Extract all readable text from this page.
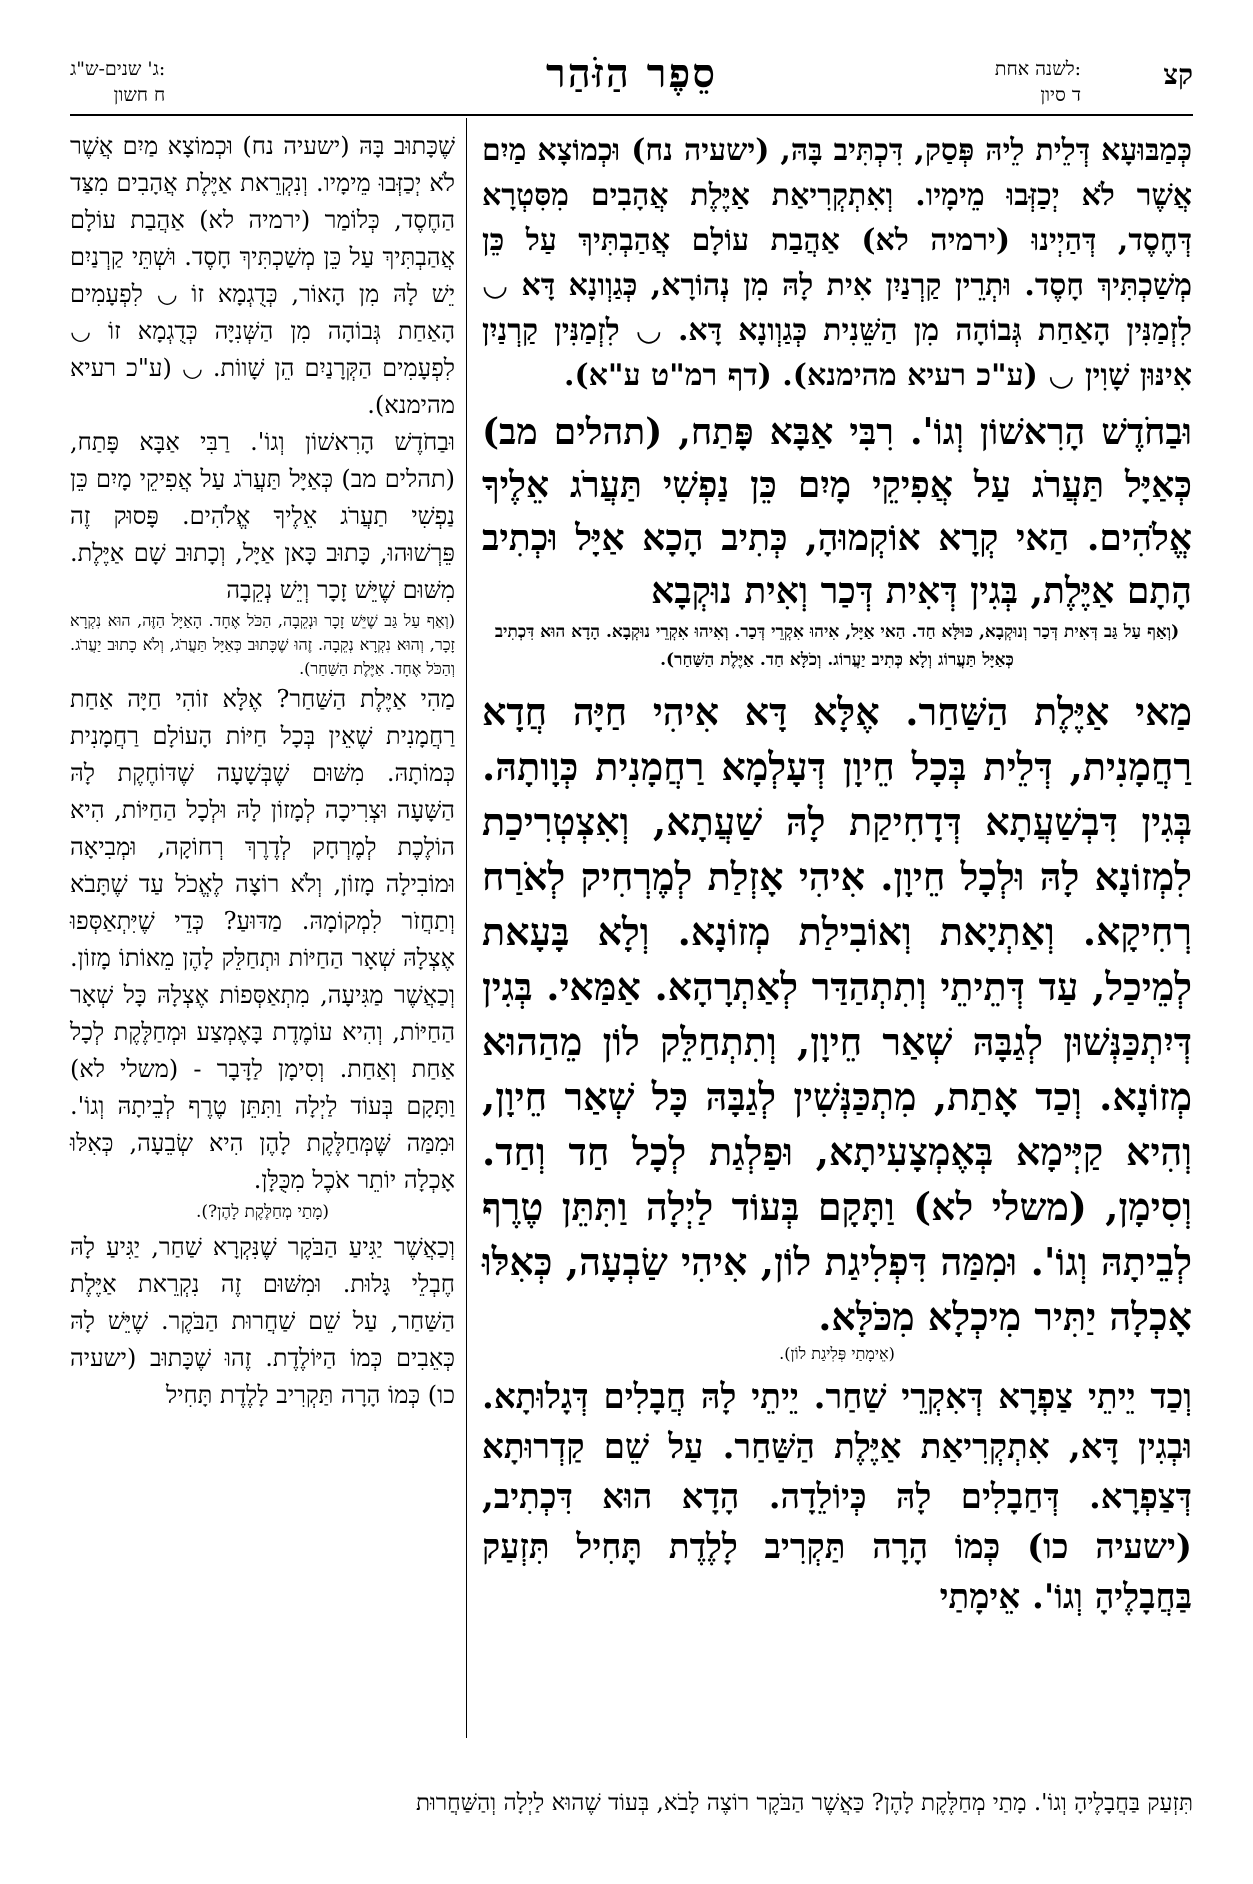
קצ
לשנה אחת:
ד סיון
סֵפֶר הַזֹּהַר
ג' שנים-ש"ג:
ח חשון

כְּמַבּוּעָא דְּלֵית לֵיהּ פְּסַק, דִּכְתִּיב בָּהּ, (ישעיה נח) וּכְמוֹצָא מַיִם אֲשֶׁר לֹא יְכַזְּבוּ מֵימָיו. וְאִתְקְרִיאַת אַיֶּלֶת אֲהָבִים מִסִּטְרָא דְּחֶסֶד, דְּהַיְינוּ (ירמיה לא) אַהֲבַת עוֹלָם אֲהַבְתִּיךְ עַל כֵּן מְשַׁכְתִּיךְ חָסֶד. וּתְרֵין קַרְנַיִן אִית לָהּ מִן נְהוֹרָא, כְּגַוְונָא דָּא ◡ לִזְמַנִּין הָאַחַת גְּבוֹהָה מִן הַשֵּׁנִית כְּגַוְונָא דָּא. ◡ לִזְמַנִּין קַרְנַיִן אִינּוּן שָׁוִין ◡ (ע"כ רעיא מהימנא). (דף רמ"ט ע"א).

וּבַחֹדֶשׁ הָרִאשׁוֹן וְגוֹ'. רִבִּי אַבָּא פָּתַח, (תהלים מב) כְּאַיָּל תַּעֲרֹג עַל אֲפִיקֵי מָיִם כֵּן נַפְשִׁי תַּעֲרֹג אֵלֶיךָ אֱלֹהִים. הַאי קְרָא אוֹקְמוּהָ, כְּתִיב הָכָא אַיָּל וּכְתִיב הָתָם אַיֶּלֶת, בְּגִין דְּאִית דְּכַר וְאִית נוּקְבָא

(וְאַף עַל גַּב דְּאִית דְּכַר וְנוּקְבָא, כּוּלָּא חַד. הַאי אַיָּל, אִיהוּ אִקְרֵי דְּכַר. וְאִיהוּ אִקְרֵי נוּקְבָא. הָדָא הוּא דִּכְתִיב כְּאַיָּל תַּעֲרוֹג וְלָא כְּתִיב יַעֲרוֹג. וְכֹלָּא חַד. אַיֶּלֶת הַשַּׁחַר).

מַאי אַיֶּלֶת הַשַּׁחַר. אֶלָּא דָּא אִיהִי חַיָּה חֲדָא רַחֲמָנִית, דְּלֵית בְּכָל חֵיוָן דְּעָלְמָא רַחֲמָנִית כְּוָותָהּ. בְּגִין דִּבְשַׁעֲתָא דְּדָחִיקַת לָהּ שַׁעֲתָא, וְאִצְטְרִיכַת לִמְזוֹנָא לָהּ וּלְכָל חֵיוָן. אִיהִי אָזְלַת לְמֶרְחִיק לְאֹרַח רְחִיקָא. וְאַתְיָאת וְאוֹבִילַת מְזוֹנָא. וְלָא בָּעָאת לְמֵיכַל, עַד דְּתֵיתֵי וְתִתְהַדַּר לְאַתְרָהָא. אַמַּאי. בְּגִין דְּיִתְכַּנְּשׁוּן לְגַבָּהּ שְׁאַר חֵיוָן, וְתִתְחַלֵּק לוֹן מֵהַהוּא מְזוֹנָא. וְכַד אָתַת, מִתְכַּנְּשִׁין לְגַבָּהּ כָּל שְׁאַר חֵיוָן, וְהִיא קַיְּימָא בְּאֶמְצָעִיתָא, וּפַלְגַת לְכָל חַד וְחַד. וְסִימָן, (משלי לא) וַתָּקָם בְּעוֹד לַיְלָה וַתִּתֵּן טֶרֶף לְבֵיתָהּ וְגוֹ'. וּמִמַּה דִּפְלִיגַת לוֹן, אִיהִי שַׂבְעָה, כְּאִלּוּ אָכְלָה יַתִּיר מִיכְלָא מִכֹּלָּא.

(אֵימָתַי פְּלִיגַת לוֹן).

וְכַד יֵיתֵי צַפְרָא דְּאִקְרֵי שַׁחַר. יֵיתֵי לָהּ חֲבָלִים דְּגָלוּתָא. וּבְגִין דָּא, אִתְקְרִיאַת אַיֶּלֶת הַשַּׁחַר. עַל שֵׁם קַדְרוּתָא דְּצַפְרָא. דְּחַבָלִים לָהּ כְּיוֹלֵדָה. הָדָא הוּא דִּכְתִיב, (ישעיה כו) כְּמוֹ הָרָה תַּקְרִיב לָלֶדֶת תָּחִיל תִּזְעַק בַּחֲבָלֶיהָ וְגוֹ'. אֵימָתַי

שֶׁכָּתוּב בָּהּ (ישעיה נח) וּכְמוֹצָא מַיִם אֲשֶׁר לֹא יְכַזְּבוּ מֵימָיו. וְנִקְרֵאת אַיֶּלֶת אֲהָבִים מִצַּד הַחֶסֶד, כְּלוֹמַר (ירמיה לא) אַהֲבַת עוֹלָם אֲהַבְתִּיךְ עַל כֵּן מְשַׁכְתִּיךְ חָסֶד. וּשְׁתֵּי קַרְנַיִם יֵשׁ לָהּ מִן הָאוֹר, כְּדֻגְמָא זוֹ ◡ לִפְעָמִים הָאַחַת גְּבוֹהָה מִן הַשְּׁנִיָּה כְּדֻגְמָא זוֹ ◡ לִפְעָמִים הַקְּרָנַיִם הֵן שָׁווֹת. ◡ (ע"כ רעיא מהימנא).

וּבַחֹדֶשׁ הָרִאשׁוֹן וְגוֹ'. רַבִּי אַבָּא פָּתַח, (תהלים מב) כְּאַיָּל תַּעֲרֹג עַל אֲפִיקֵי מָיִם כֵּן נַפְשִׁי תַעֲרֹג אֵלֶיךָ אֱלֹהִים. פָּסוּק זֶה פֵּרְשׁוּהוּ, כָּתוּב כָּאן אַיָּל, וְכָתוּב שָׁם אַיֶּלֶת. מִשּׁוּם שֶׁיֵּשׁ זָכָר וְיֵשׁ נְקֵבָה

(וְאַף עַל גַּב שֶׁיֵּשׁ זָכָר וּנְקֵבָה, הַכֹּל אֶחָד. הָאַיָּל הַזֶּה, הוּא נִקְרָא זָכָר, וְהוּא נִקְרָא נְקֵבָה. זֶהוּ שֶׁכָּתוּב כְּאַיָּל תַּעֲרֹג, וְלֹא כָתוּב יַעֲרֹג. וְהַכֹּל אֶחָד. אַיֶּלֶת הַשַּׁחַר).

מַהִי אַיֶּלֶת הַשַּׁחַר? אֶלָּא זוֹהִי חַיָּה אַחַת רַחֲמָנִית שֶׁאֵין בְּכָל חַיּוֹת הָעוֹלָם רַחֲמָנִית כְּמוֹתָהּ. מִשּׁוּם שֶׁבְּשָׁעָה שֶׁדּוֹחֶקֶת לָהּ הַשָּׁעָה וּצְרִיכָה לְמָזוֹן לָהּ וּלְכָל הַחַיּוֹת, הִיא הוֹלֶכֶת לְמֶרְחָק לְדֶרֶךְ רְחוֹקָה, וּמְבִיאָה וּמוֹבִילָה מָזוֹן, וְלֹא רוֹצָה לֶאֱכֹל עַד שֶׁתָּבֹא וְתַחֲזֹר לִמְקוֹמָהּ. מַדּוּעַ? כְּדֵי שֶׁיִּתְאַסְּפוּ אֶצְלָהּ שְׁאָר הַחַיּוֹת וּתְחַלֵּק לָהֶן מֵאוֹתוֹ מָזוֹן. וְכַאֲשֶׁר מַגִּיעָה, מִתְאַסְּפוֹת אֶצְלָהּ כָּל שְׁאָר הַחַיּוֹת, וְהִיא עוֹמֶדֶת בָּאֶמְצַע וּמְחַלֶּקֶת לְכָל אַחַת וְאַחַת. וְסִימָן לַדָּבָר - (משלי לא) וַתָּקָם בְּעוֹד לַיְלָה וַתִּתֵּן טֶרֶף לְבֵיתָהּ וְגוֹ'. וּמִמַּה שֶּׁמְּחַלֶּקֶת לָהֶן הִיא שְׂבֵעָה, כְּאִלּוּ אָכְלָה יוֹתֵר אֹכֶל מִכֻּלָּן.

(מָתַי מְחַלֶּקֶת לָהֶן?).

וְכַאֲשֶׁר יַגִּיעַ הַבֹּקֶר שֶׁנִּקְרָא שַׁחַר, יַגִּיעַ לָהּ חֶבְלֵי גָּלוּת. וּמִשּׁוּם זֶה נִקְרֵאת אַיֶּלֶת הַשַּׁחַר, עַל שֵׁם שַׁחֲרוּת הַבֹּקֶר. שֶׁיֵּשׁ לָהּ כְּאֵבִים כְּמוֹ הַיּוֹלֶדֶת. זֶהוּ שֶׁכָּתוּב (ישעיה כו) כְּמוֹ הָרָה תַּקְרִיב לָלֶדֶת תָּחִיל

תִּזְעַק בַּחֲבָלֶיהָ וְגוֹ'. מָתַי מְחַלֶּקֶת לָהֶן? כַּאֲשֶׁר הַבֹּקֶר רוֹצֶה לָבֹא, בְּעוֹד שֶׁהוּא לַיְלָה וְהַשַּׁחֲרוּת
